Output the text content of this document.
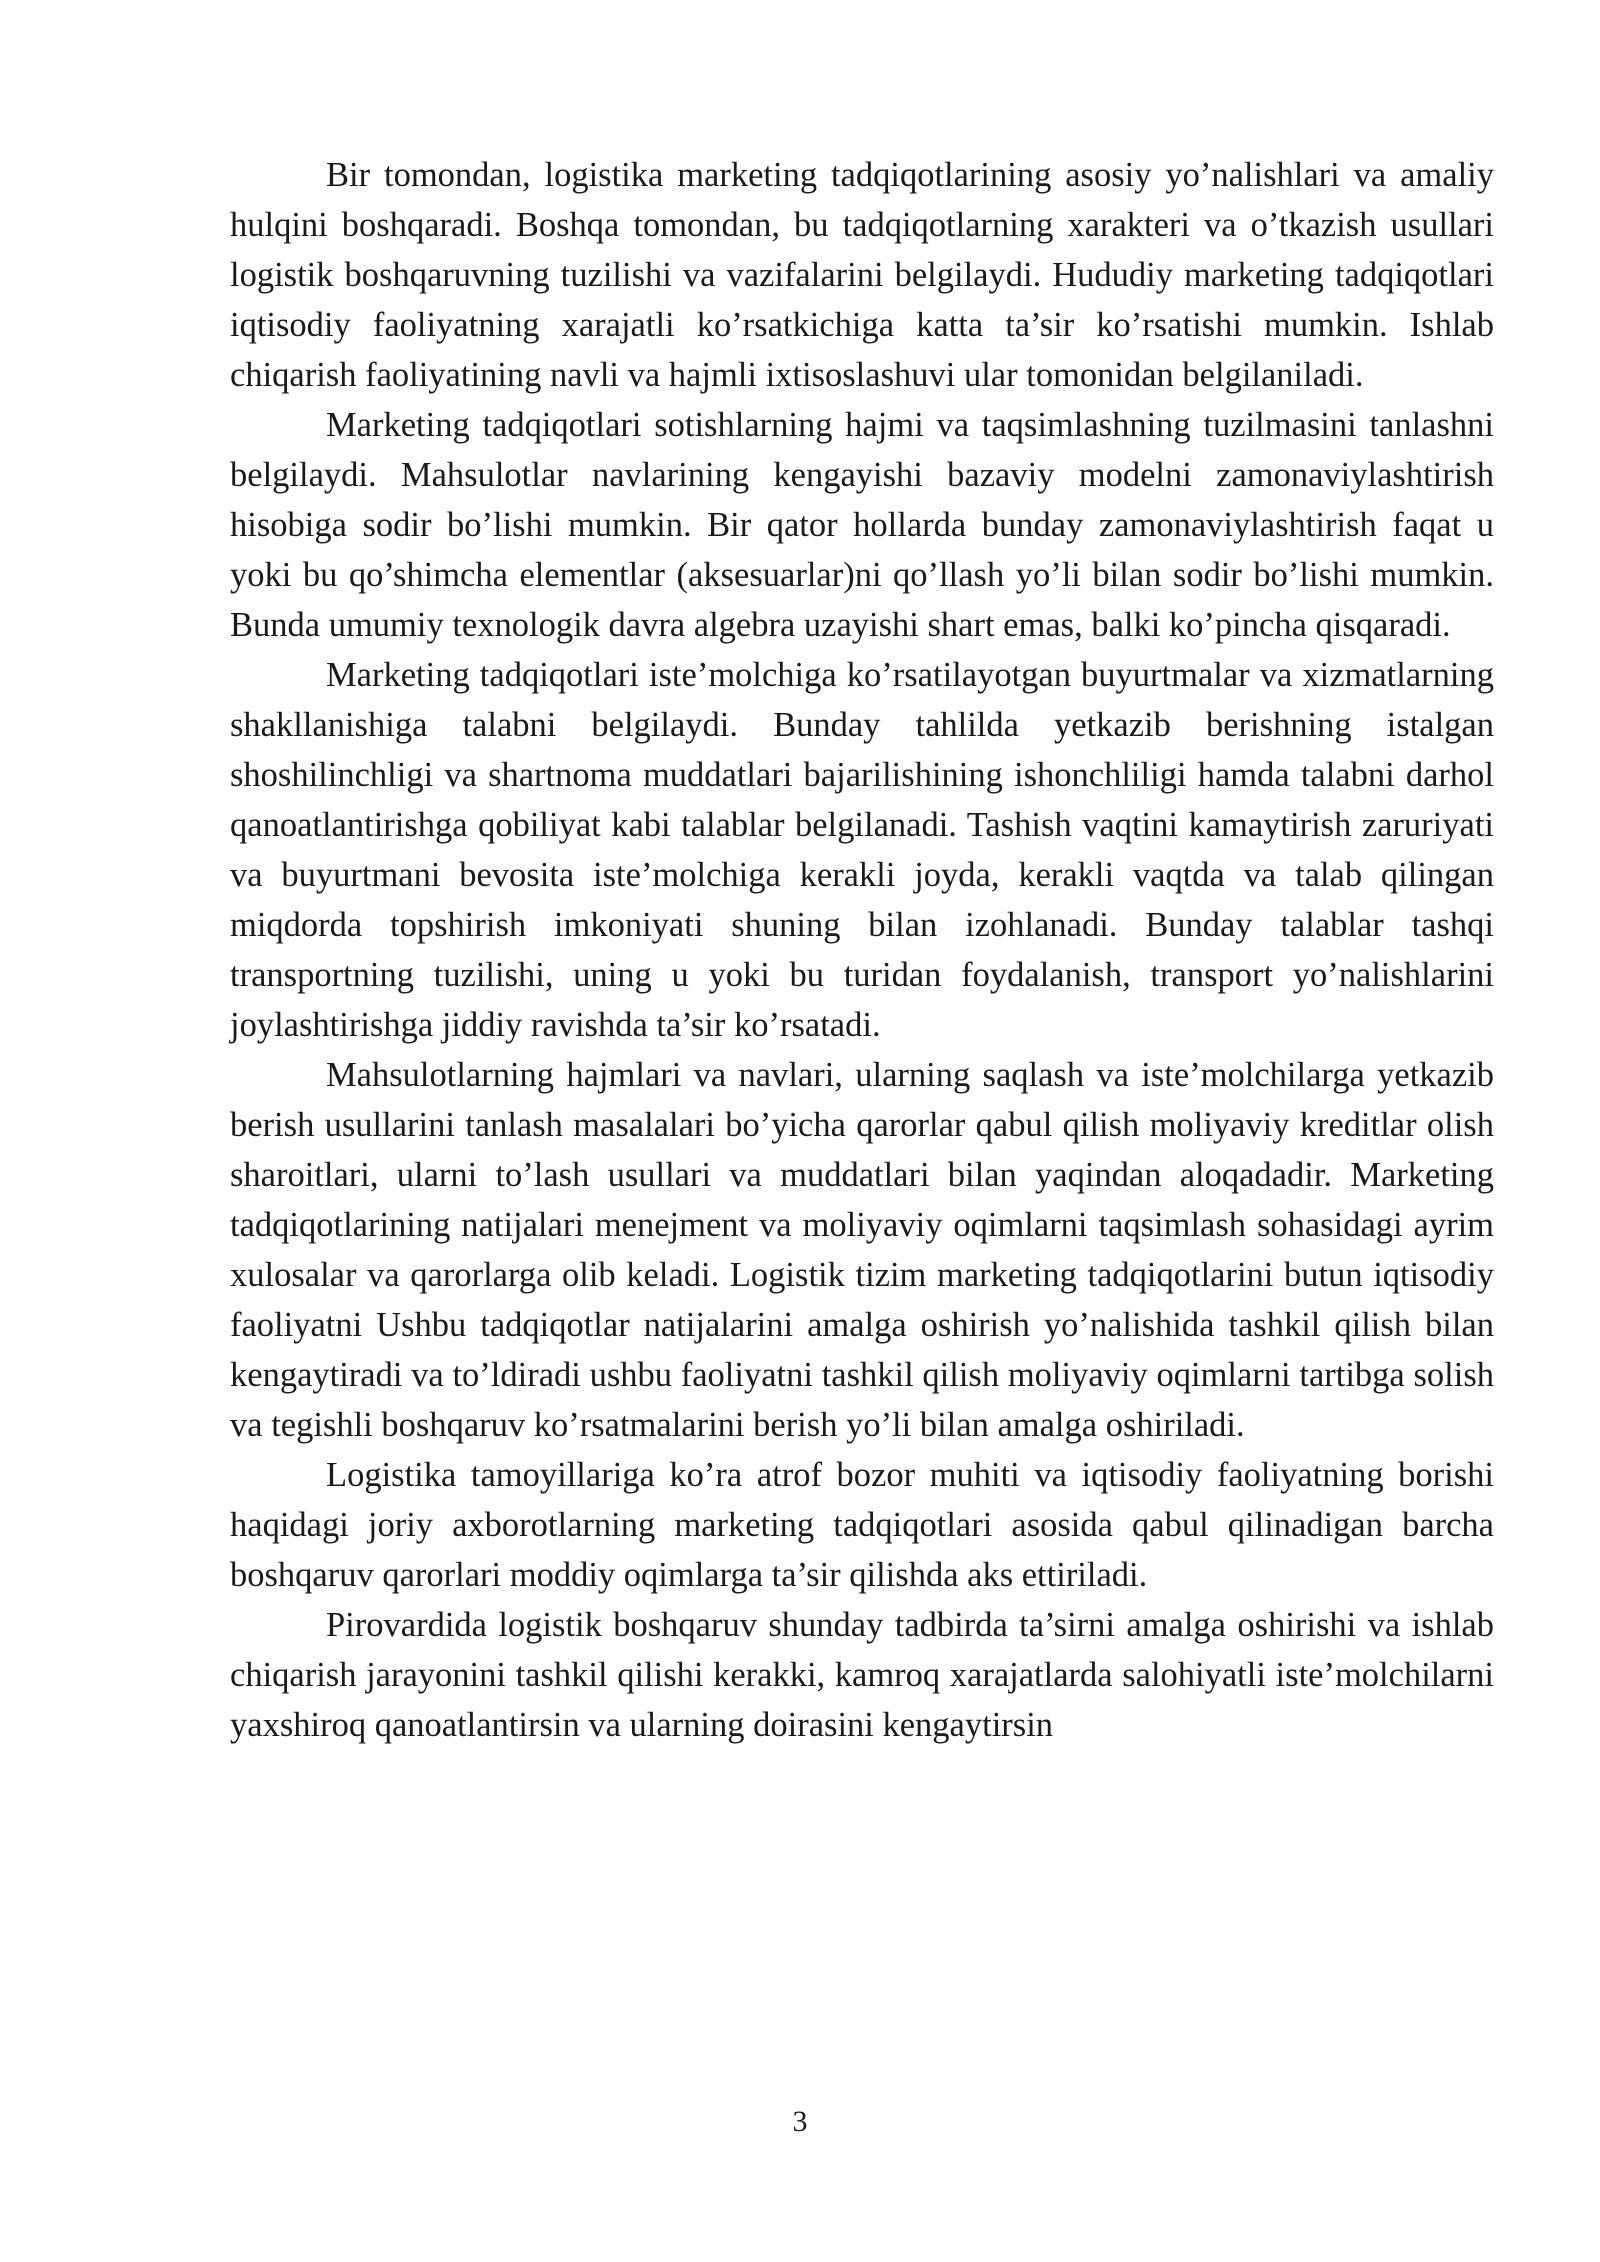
Bir tomondan, logistika marketing tadqiqotlarining asosiy yo’nalishlari va amaliy hulqini boshqaradi. Boshqa tomondan, bu tadqiqotlarning xarakteri va o’tkazish usullari logistik boshqaruvning tuzilishi va vazifalarini belgilaydi. Hududiy marketing tadqiqotlari iqtisodiy faoliyatning xarajatli ko’rsatkichiga katta ta’sir ko’rsatishi mumkin. Ishlab chiqarish faoliyatining navli va hajmli ixtisoslashuvi ular tomonidan belgilaniladi.

Marketing tadqiqotlari sotishlarning hajmi va taqsimlashning tuzilmasini tanlashni belgilaydi. Mahsulotlar navlarining kengayishi bazaviy modelni zamonaviylashtirish hisobiga sodir bo’lishi mumkin. Bir qator hollarda bunday zamonaviylashtirish faqat u yoki bu qo’shimcha elementlar (aksesuarlar)ni qo’llash yo’li bilan sodir bo’lishi mumkin. Bunda umumiy texnologik davra algebra uzayishi shart emas, balki ko’pincha qisqaradi.

Marketing tadqiqotlari iste’molchiga ko’rsatilayotgan buyurtmalar va xizmatlarning shakllanishiga talabni belgilaydi. Bunday tahlilda yetkazib berishning istalgan shoshilinchligi va shartnoma muddatlari bajarilishining ishonchliligi hamda talabni darhol qanoatlantirishga qobiliyat kabi talablar belgilanadi. Tashish vaqtini kamaytirish zaruriyati va buyurtmani bevosita iste’molchiga kerakli joyda, kerakli vaqtda va talab qilingan miqdorda topshirish imkoniyati shuning bilan izohlanadi. Bunday talablar tashqi transportning tuzilishi, uning u yoki bu turidan foydalanish, transport yo’nalishlarini joylashtirishga jiddiy ravishda ta’sir ko’rsatadi.

Mahsulotlarning hajmlari va navlari, ularning saqlash va iste’molchilarga yetkazib berish usullarini tanlash masalalari bo’yicha qarorlar qabul qilish moliyaviy kreditlar olish sharoitlari, ularni to’lash usullari va muddatlari bilan yaqindan aloqadadir. Marketing tadqiqotlarining natijalari menejment va moliyaviy oqimlarni taqsimlash sohasidagi ayrim xulosalar va qarorlarga olib keladi. Logistik tizim marketing tadqiqotlarini butun iqtisodiy faoliyatni Ushbu tadqiqotlar natijalarini amalga oshirish yo’nalishida tashkil qilish bilan kengaytiradi va to’ldiradi ushbu faoliyatni tashkil qilish moliyaviy oqimlarni tartibga solish va tegishli boshqaruv ko’rsatmalarini berish yo’li bilan amalga oshiriladi.

Logistika tamoyillariga ko’ra atrof bozor muhiti va iqtisodiy faoliyatning borishi haqidagi joriy axborotlarning marketing tadqiqotlari asosida qabul qilinadigan barcha boshqaruv qarorlari moddiy oqimlarga ta’sir qilishda aks ettiriladi.

Pirovardida logistik boshqaruv shunday tadbirda ta’sirni amalga oshirishi va ishlab chiqarish jarayonini tashkil qilishi kerakki, kamroq xarajatlarda salohiyatli iste’molchilarni yaxshiroq qanoatlantirsin va ularning doirasini kengaytirsin

3
